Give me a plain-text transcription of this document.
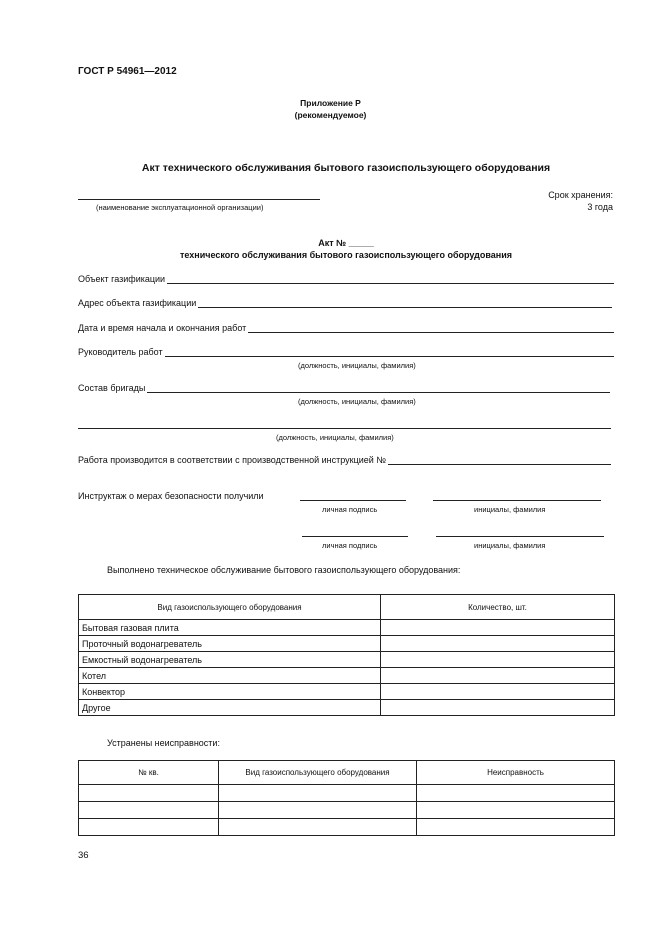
ГОСТ Р 54961—2012
Приложение Р
(рекомендуемое)
Акт технического обслуживания бытового газоиспользующего оборудования
(наименование эксплуатационной организации)
Срок хранения:
3 года
Акт № _____
технического обслуживания бытового газоиспользующего оборудования
Объект газификации
Адрес объекта газификации
Дата и время начала и окончания работ
Руководитель работ
(должность, инициалы, фамилия)
Состав бригады
(должность, инициалы, фамилия)
(должность, инициалы, фамилия)
Работа производится в соответствии с производственной инструкцией №
Инструктаж о мерах безопасности получили
личная подпись	инициалы, фамилия
личная подпись	инициалы, фамилия
Выполнено техническое обслуживание бытового газоиспользующего оборудования:
Вид газоиспользующего оборудования	Количество, шт.
Бытовая газовая плита	
Проточный водонагреватель	
Емкостный водонагреватель	
Котел	
Конвектор	
Другое	
Устранены неисправности:
№ кв.	Вид газоиспользующего оборудования	Неисправность

36
